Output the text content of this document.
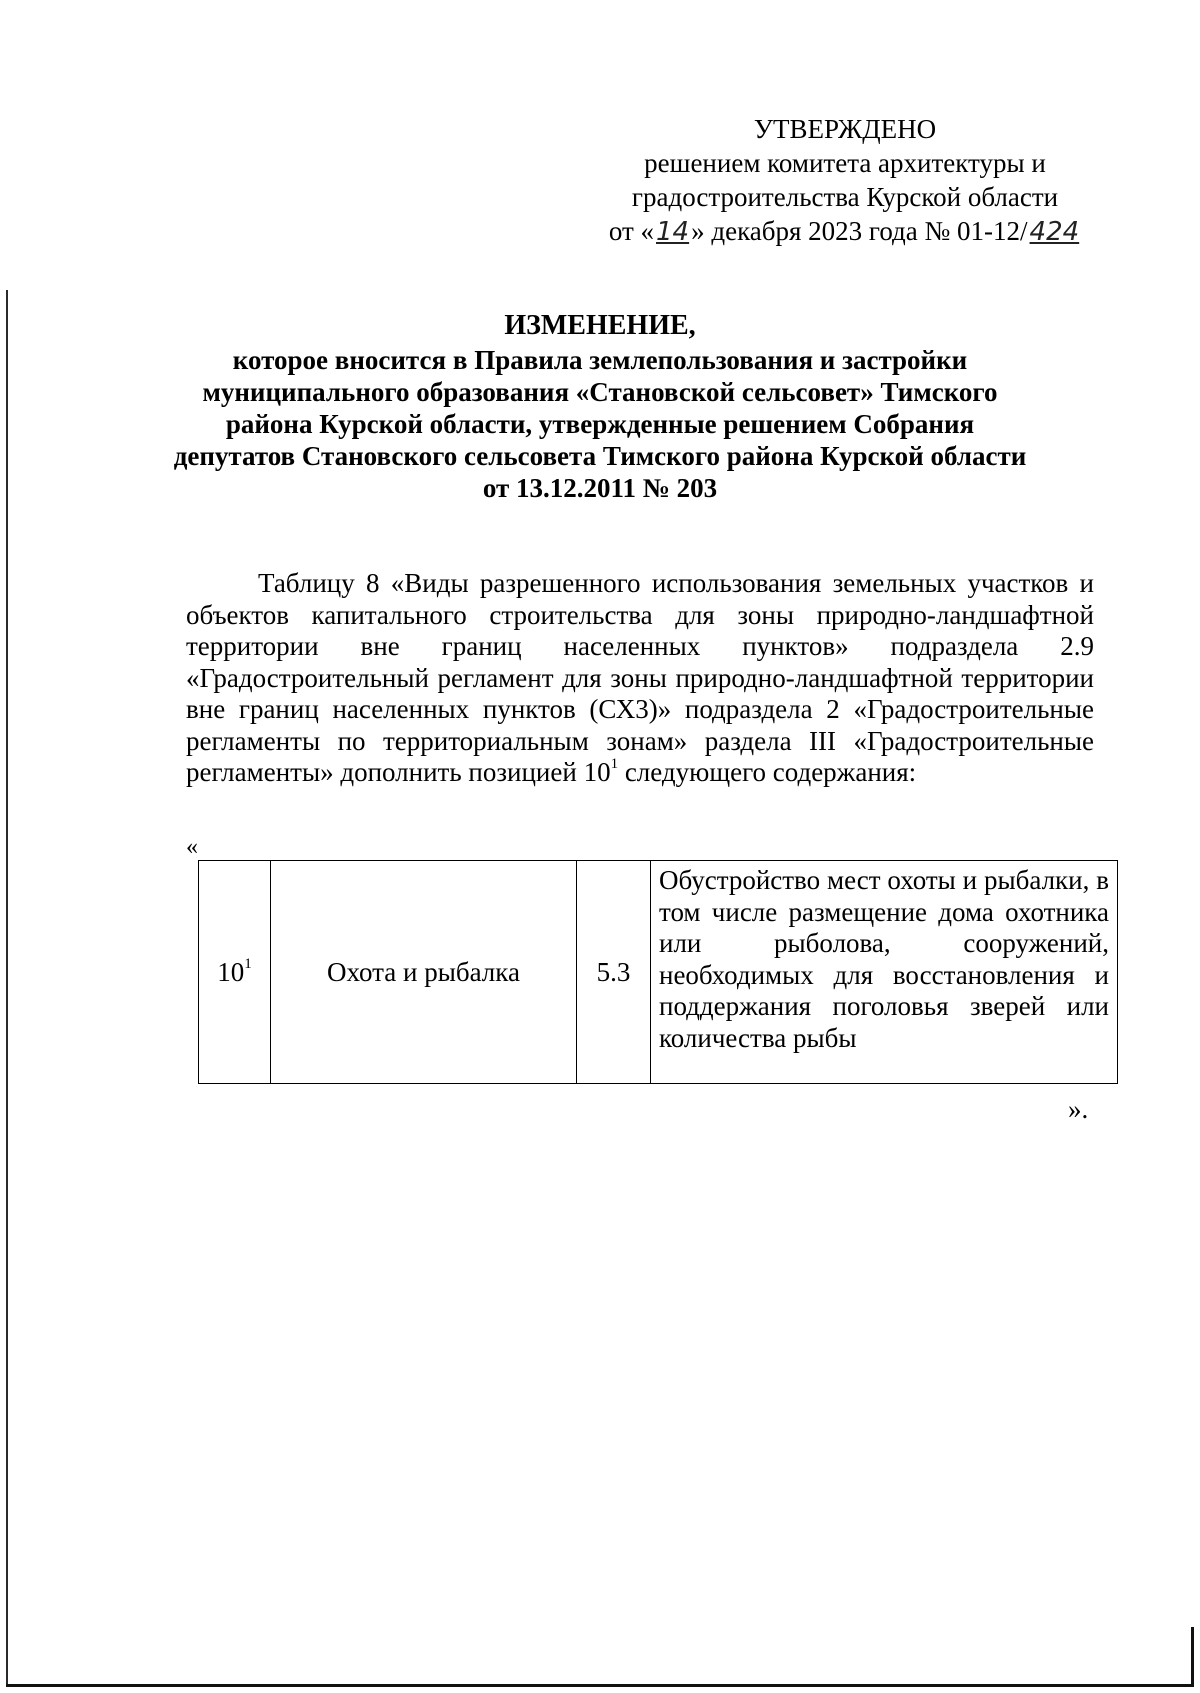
УТВЕРЖДЕНО
решением комитета архитектуры и
градостроительства Курской области
от «14» декабря 2023 года № 01-12/424
ИЗМЕНЕНИЕ,
которое вносится в Правила землепользования и застройки
муниципального образования «Становской сельсовет» Тимского
района Курской области, утвержденные решением Собрания
депутатов Становского сельсовета Тимского района Курской области
от 13.12.2011 № 203
Таблицу 8 «Виды разрешенного использования земельных участков и объектов капитального строительства для зоны природно-ландшафтной территории вне границ населенных пунктов» подраздела 2.9 «Градостроительный регламент для зоны природно-ландшафтной территории вне границ населенных пунктов (СХ3)» подраздела 2 «Градостроительные регламенты по территориальным зонам» раздела III «Градостроительные регламенты» дополнить позицией $10^1$ следующего содержания:
«
$10^1$	Охота и рыбалка	5.3	Обустройство мест охоты и рыбалки, в том числе размещение дома охотника или рыболова, сооружений, необходимых для восстановления и поддержания поголовья зверей или количества рыбы
».
